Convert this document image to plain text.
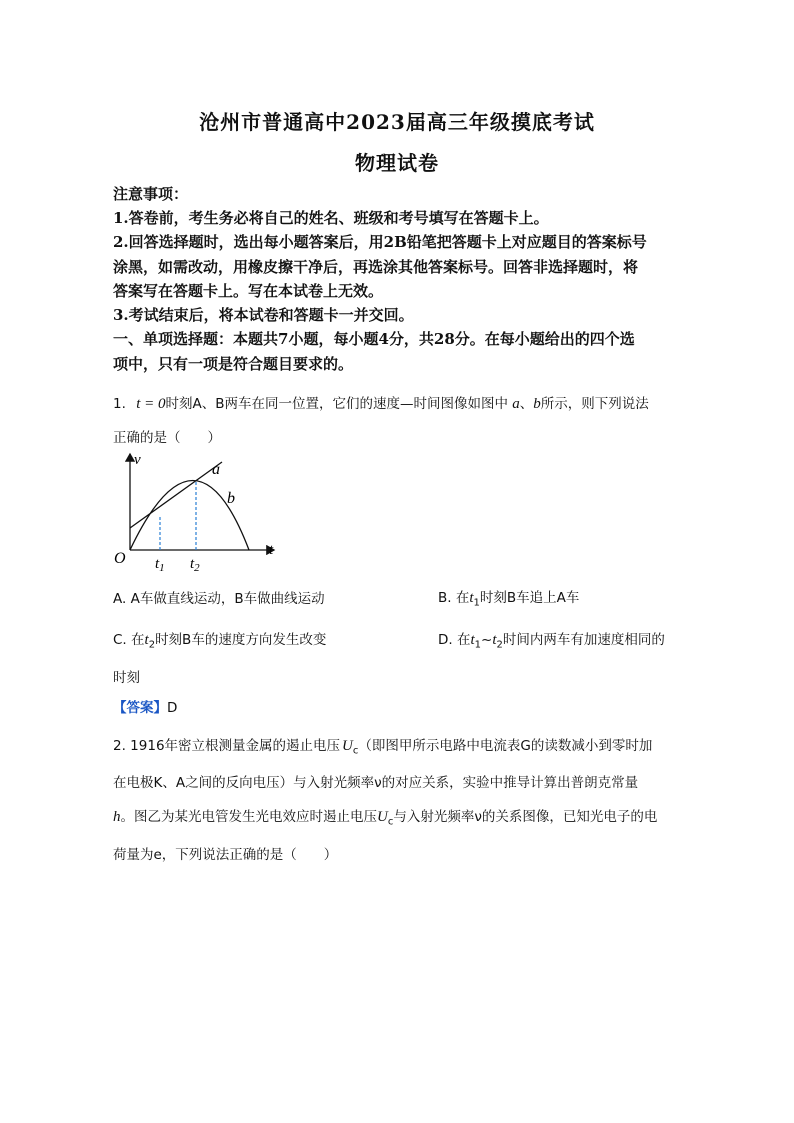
沧州市普通高中2023届高三年级摸底考试
物理试卷
注意事项：
1.答卷前，考生务必将自己的姓名、班级和考号填写在答题卡上。
2.回答选择题时，选出每小题答案后，用2B铅笔把答题卡上对应题目的答案标号
涂黑，如需改动，用橡皮擦干净后，再选涂其他答案标号。回答非选择题时，将
答案写在答题卡上。写在本试卷上无效。
3.考试结束后，将本试卷和答题卡一并交回。
一、单项选择题：本题共7小题，每小题4分，共28分。在每小题给出的四个选
项中，只有一项是符合题目要求的。
1. t = 0时刻A、B两车在同一位置，它们的速度—时间图像如图中 a、b所示，则下列说法
正确的是（　　）
v
t
O
a
b
$t_1$ $t_2$
A. A车做直线运动，B车做曲线运动	B. 在$t_1$时刻B车追上A车
C. 在$t_2$时刻B车的速度方向发生改变	D. 在$t_1\sim t_2$时间内两车有加速度相同的
时刻
【答案】D
2. 1916年密立根测量金属的遏止电压 $U_c$（即图甲所示电路中电流表G的读数减小到零时加
在电极K、A之间的反向电压）与入射光频率ν的对应关系，实验中推导计算出普朗克常量
h。图乙为某光电管发生光电效应时遏止电压$U_c$与入射光频率ν的关系图像，已知光电子的电
荷量为e，下列说法正确的是（　　）
